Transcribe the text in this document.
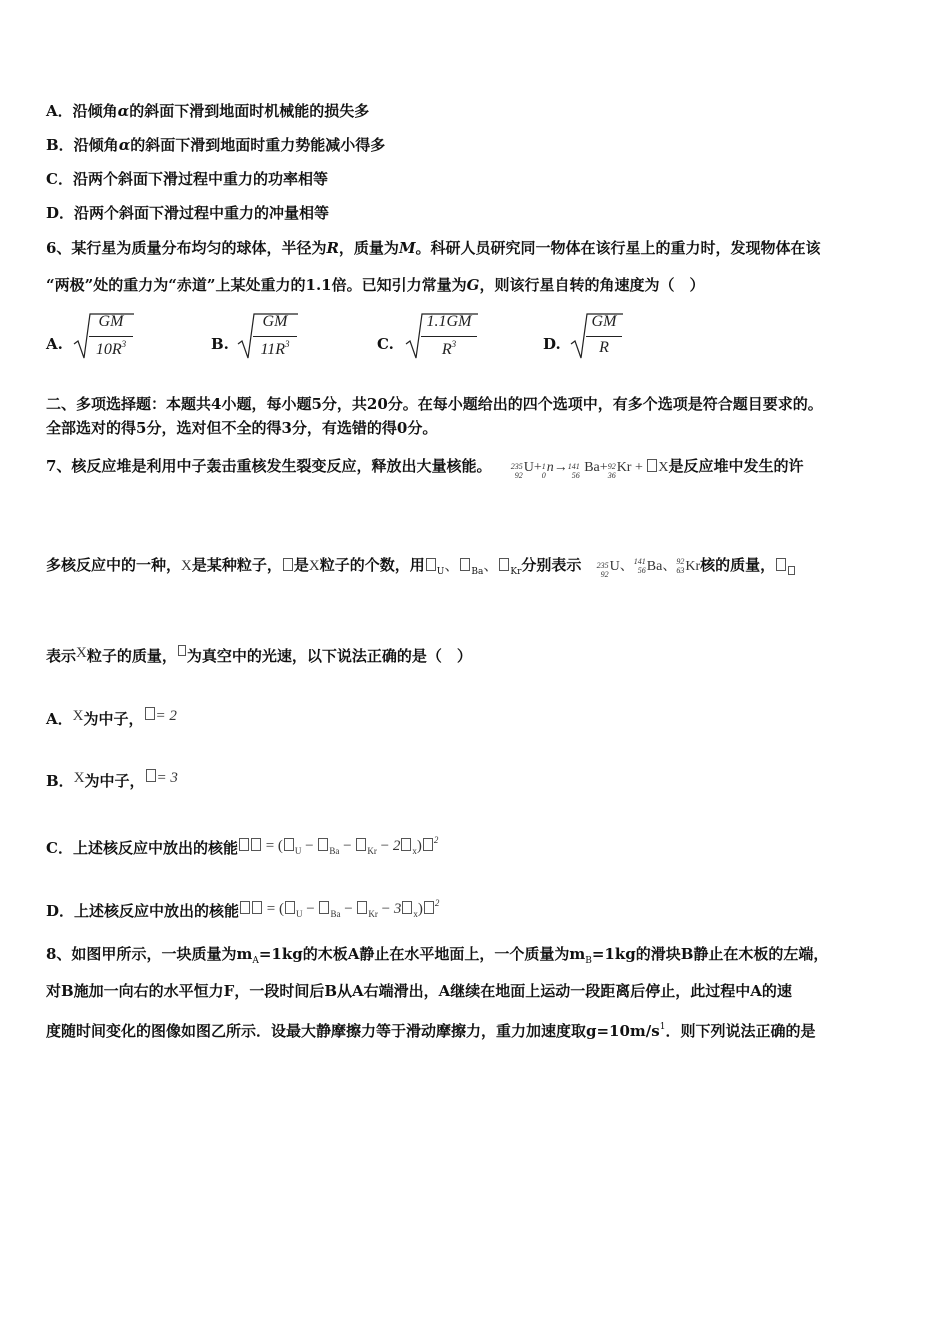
A．沿倾角α的斜面下滑到地面时机械能的损失多
B．沿倾角α的斜面下滑到地面时重力势能减小得多
C．沿两个斜面下滑过程中重力的功率相等
D．沿两个斜面下滑过程中重力的冲量相等
6、某行星为质量分布均匀的球体，半径为R，质量为M。科研人员研究同一物体在该行星上的重力时，发现物体在该
“两极”处的重力为“赤道”上某处重力的1.1倍。已知引力常量为G，则该行星自转的角速度为（　）
A.
GM
$10R^3$	B.
GM
$11R^3$	C.
1.1GM
$R^3$	D.
GM
R
二、多项选择题：本题共4小题，每小题5分，共20分。在每小题给出的四个选项中，有多个选项是符合题目要求的。
全部选对的得5分，选对但不全的得3分，有选错的得0分。
7、核反应堆是利用中子轰击重核发生裂变反应，释放出大量核能。 235
92
U+ 1
0
n→ 141
56
Ba+ 92
36
Kr + X是反应堆中发生的许
多核反应中的一种，X是某种粒子， 是X粒子的个数，用 $_U$、 $_{Ba}$、 $_{Kr}$分别表示 235
92
U、 141
56 Ba、 92
63 Kr核的质量，
表示X粒子的质量， 为真空中的光速，以下说法正确的是（　）
A．X为中子， = 2
B．X为中子， = 3
C．上述核反应中放出的核能 = ( $_U$ − $_{Ba}$ − $_{Kr}$ − 2 $_x$) $^2$
D．上述核反应中放出的核能 = ( $_U$ − $_{Ba}$ − $_{Kr}$ − 3 $_x$) $^2$
8、如图甲所示，一块质量为$m_A=1kg$的木板A静止在水平地面上，一个质量为$m_B=1kg$的滑块B静止在木板的左端，
对B施加一向右的水平恒力F，一段时间后B从A右端滑出，A继续在地面上运动一段距离后停止，此过程中A的速
度随时间变化的图像如图乙所示．设最大静摩擦力等于滑动摩擦力，重力加速度取$g=10m/s^1$．则下列说法正确的是
